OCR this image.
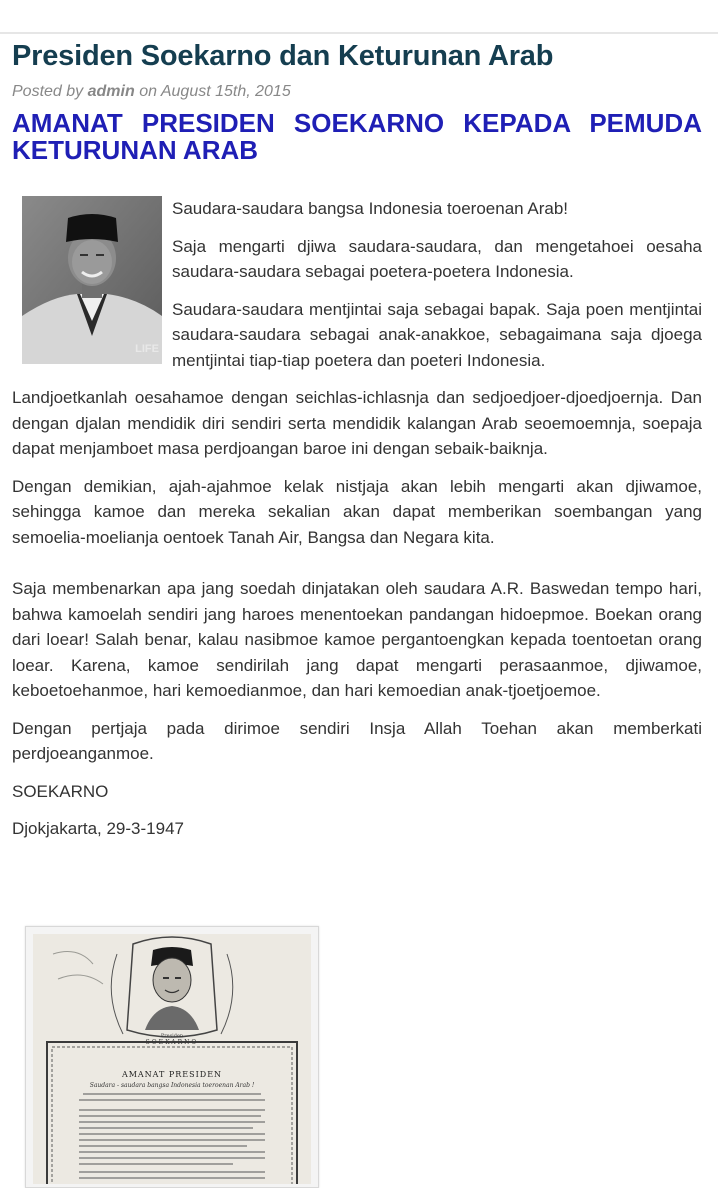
Presiden Soekarno dan Keturunan Arab
Posted by admin on August 15th, 2015
AMANAT PRESIDEN SOEKARNO KEPADA PEMUDA KETURUNAN ARAB
LIFE

Saudara-saudara bangsa Indonesia toeroenan Arab!

Saja mengarti djiwa saudara-saudara, dan mengetahoei oesaha saudara-saudara sebagai poetera-poetera Indonesia.

Saudara-saudara mentjintai saja sebagai bapak. Saja poen mentjintai saudara-saudara sebagai anak-anakkoe, sebagaimana saja djoega mentjintai tiap-tiap poetera dan poeteri Indonesia.

Landjoetkanlah oesahamoe dengan seichlas-ichlasnja dan sedjoedjoer-djoedjoernja. Dan dengan djalan mendidik diri sendiri serta mendidik kalangan Arab seoemoemnja, soepaja dapat menjamboet masa perdjoangan baroe ini dengan sebaik-baiknja.

Dengan demikian, ajah-ajahmoe kelak nistjaja akan lebih mengarti akan djiwamoe, sehingga kamoe dan mereka sekalian akan dapat memberikan soembangan yang semoelia-moelianja oentoek Tanah Air, Bangsa dan Negara kita.

Saja membenarkan apa jang soedah dinjatakan oleh saudara A.R. Baswedan tempo hari, bahwa kamoelah sendiri jang haroes menentoekan pandangan hidoepmoe. Boekan orang dari loear! Salah benar, kalau nasibmoe kamoe pergantoengkan kepada toentoetan orang loear. Karena, kamoe sendirilah jang dapat mengarti perasaanmoe, djiwamoe, keboetoehanmoe, hari kemoedianmoe, dan hari kemoedian anak-tjoetjoemoe.

Dengan pertjaja pada dirimoe sendiri Insja Allah Toehan akan memberkati perdjoeanganmoe.

SOEKARNO

Djokjakarta, 29-3-1947

Presiden
SOEKARNO
AMANAT PRESIDEN
Saudara - saudara bangsa Indonesia toeroenan Arab !
